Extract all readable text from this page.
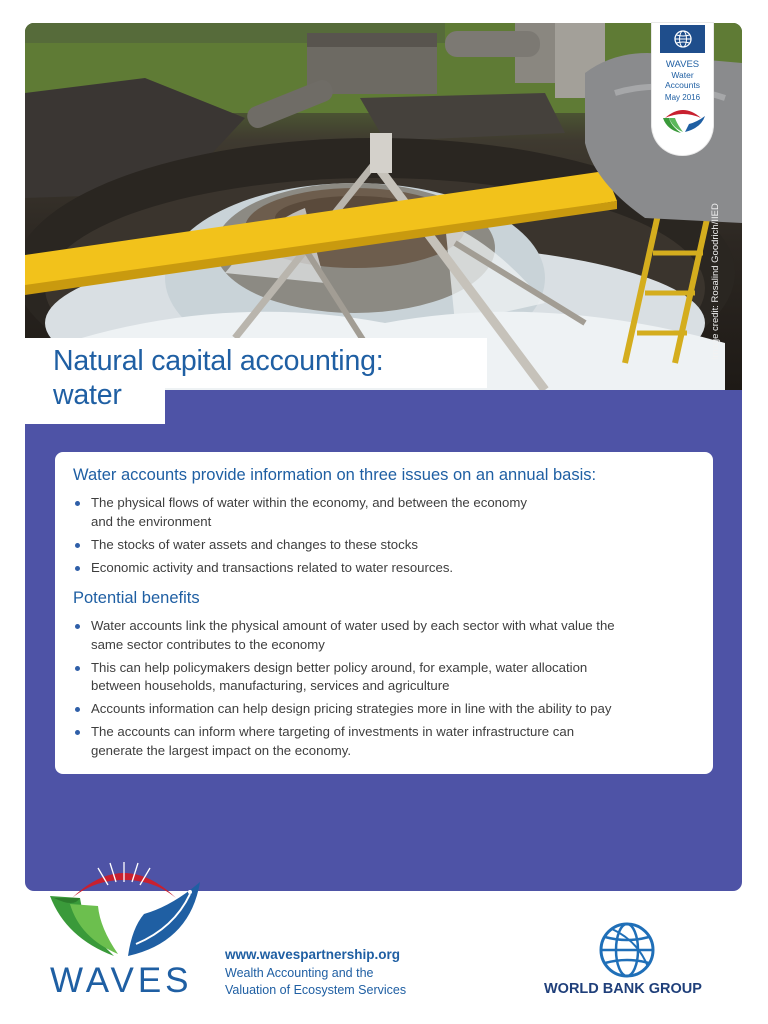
Image credit: Rosalind Goodrich/IIED
Natural capital accounting:
water
WAVES
Water
Accounts
May 2016
Water accounts provide information on three issues on an annual basis:
The physical flows of water within the economy, and between the economy
and the environment
The stocks of water assets and changes to these stocks
Economic activity and transactions related to water resources.
Potential benefits
Water accounts link the physical amount of water used by each sector with what value the
same sector contributes to the economy
This can help policymakers design better policy around, for example, water allocation
between households, manufacturing, services and agriculture
Accounts information can help design pricing strategies more in line with the ability to pay
The accounts can inform where targeting of investments in water infrastructure can
generate the largest impact on the economy.
WAVES
www.wavespartnership.org
Wealth Accounting and the
Valuation of Ecosystem Services	WORLD BANK GROUP
